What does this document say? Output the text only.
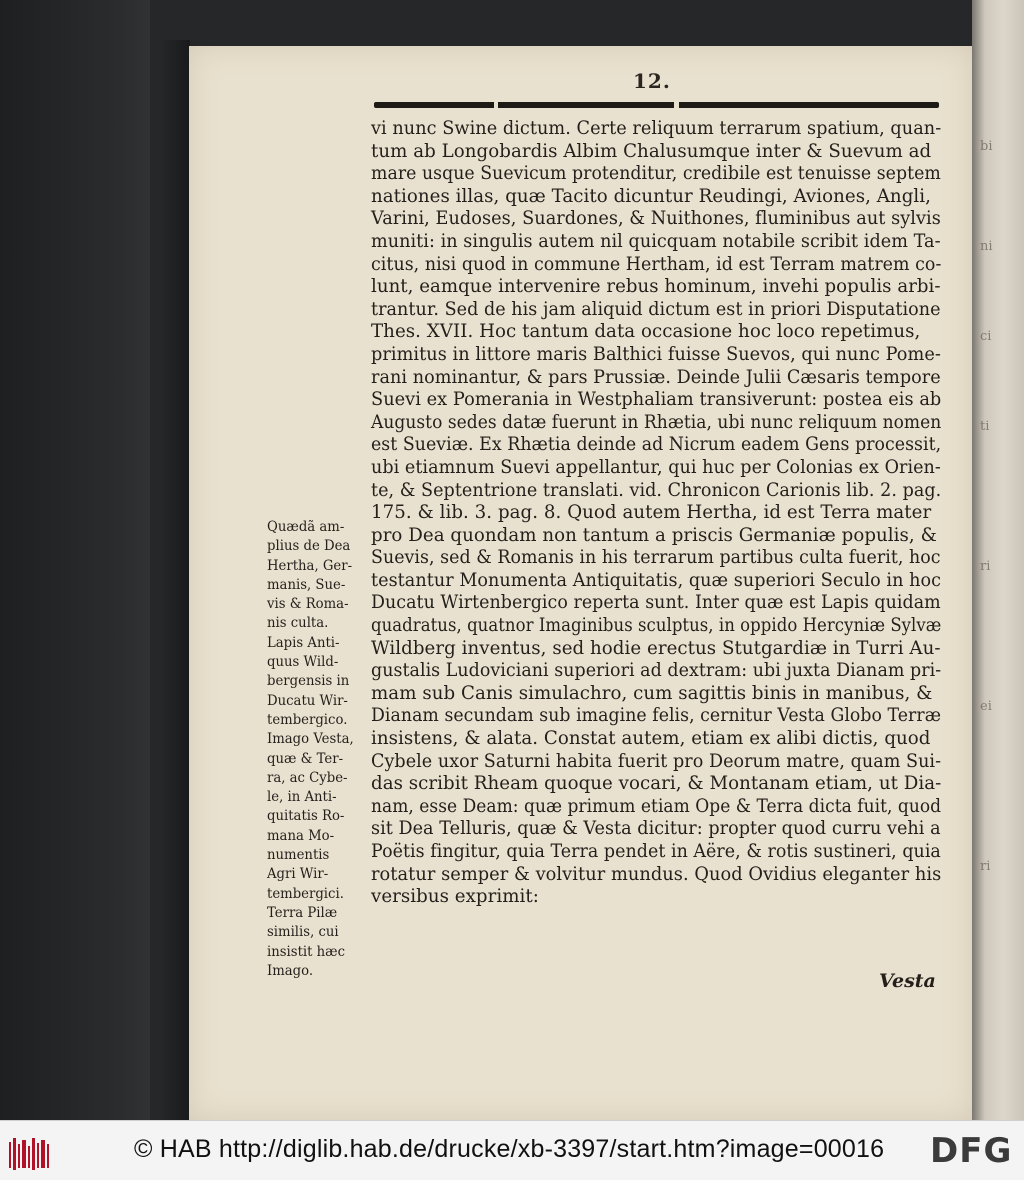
12.
vi nunc Swine dictum. Certe reliquum terrarum spatium, quan-
tum ab Longobardis Albim Chalusumque inter & Suevum ad
mare usque Suevicum protenditur, credibile est tenuisse septem
nationes illas, quæ Tacito dicuntur Reudingi, Aviones, Angli,
Varini, Eudoses, Suardones, & Nuithones, fluminibus aut sylvis
muniti: in singulis autem nil quicquam notabile scribit idem Ta-
citus, nisi quod in commune Hertham, id est Terram matrem co-
lunt, eamque intervenire rebus hominum, invehi populis arbi-
trantur. Sed de his jam aliquid dictum est in priori Disputatione
Thes. XVII. Hoc tantum data occasione hoc loco repetimus,
primitus in littore maris Balthici fuisse Suevos, qui nunc Pome-
rani nominantur, & pars Prussiæ. Deinde Julii Cæsaris tempore
Suevi ex Pomerania in Westphaliam transiverunt: postea eis ab
Augusto sedes datæ fuerunt in Rhætia, ubi nunc reliquum nomen
est Sueviæ. Ex Rhætia deinde ad Nicrum eadem Gens processit,
ubi etiamnum Suevi appellantur, qui huc per Colonias ex Orien-
te, & Septentrione translati. vid. Chronicon Carionis lib. 2. pag.
175. & lib. 3. pag. 8. Quod autem Hertha, id est Terra mater
pro Dea quondam non tantum a priscis Germaniæ populis, &
Suevis, sed & Romanis in his terrarum partibus culta fuerit, hoc
testantur Monumenta Antiquitatis, quæ superiori Seculo in hoc
Ducatu Wirtenbergico reperta sunt. Inter quæ est Lapis quidam
quadratus, quatnor Imaginibus sculptus, in oppido Hercyniæ Sylvæ
Wildberg inventus, sed hodie erectus Stutgardiæ in Turri Au-
gustalis Ludoviciani superiori ad dextram: ubi juxta Dianam pri-
mam sub Canis simulachro, cum sagittis binis in manibus, &
Dianam secundam sub imagine felis, cernitur Vesta Globo Terræ
insistens, & alata. Constat autem, etiam ex alibi dictis, quod
Cybele uxor Saturni habita fuerit pro Deorum matre, quam Sui-
das scribit Rheam quoque vocari, & Montanam etiam, ut Dia-
nam, esse Deam: quæ primum etiam Ope & Terra dicta fuit, quod
sit Dea Telluris, quæ & Vesta dicitur: propter quod curru vehi a
Poëtis fingitur, quia Terra pendet in Aëre, & rotis sustineri, quia
rotatur semper & volvitur mundus. Quod Ovidius eleganter his
versibus exprimit:
Quædã am-
plius de Dea
Hertha, Ger-
manis, Sue-
vis & Roma-
nis culta.
Lapis Anti-
quus Wild-
bergensis in
Ducatu Wir-
tembergico.
Imago Vesta,
quæ & Ter-
ra, ac Cybe-
le, in Anti-
quitatis Ro-
mana Mo-
numentis
Agri Wir-
tembergici.
Terra Pilæ
similis, cui
insistit hæc
Imago.	Vesta
bi
ni
ci
ti
ri
ei
ri
© HAB http://diglib.hab.de/drucke/xb-3397/start.htm?image=00016 DFG
